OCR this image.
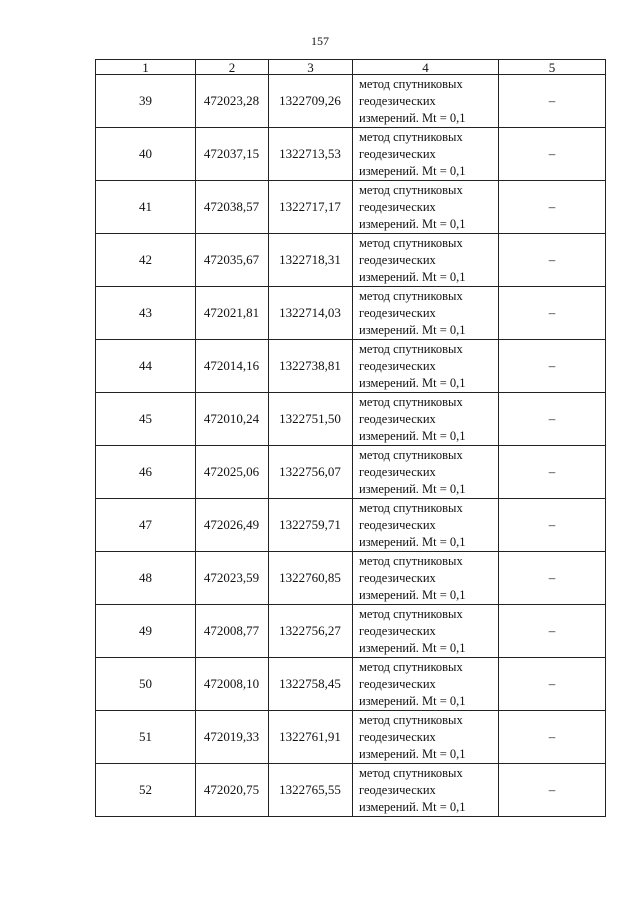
157
1	2	3	4	5
39	472023,28	1322709,26	метод спутниковых
геодезических
измерений. Mt = 0,1	–
40	472037,15	1322713,53	метод спутниковых
геодезических
измерений. Mt = 0,1	–
41	472038,57	1322717,17	метод спутниковых
геодезических
измерений. Mt = 0,1	–
42	472035,67	1322718,31	метод спутниковых
геодезических
измерений. Mt = 0,1	–
43	472021,81	1322714,03	метод спутниковых
геодезических
измерений. Mt = 0,1	–
44	472014,16	1322738,81	метод спутниковых
геодезических
измерений. Mt = 0,1	–
45	472010,24	1322751,50	метод спутниковых
геодезических
измерений. Mt = 0,1	–
46	472025,06	1322756,07	метод спутниковых
геодезических
измерений. Mt = 0,1	–
47	472026,49	1322759,71	метод спутниковых
геодезических
измерений. Mt = 0,1	–
48	472023,59	1322760,85	метод спутниковых
геодезических
измерений. Mt = 0,1	–
49	472008,77	1322756,27	метод спутниковых
геодезических
измерений. Mt = 0,1	–
50	472008,10	1322758,45	метод спутниковых
геодезических
измерений. Mt = 0,1	–
51	472019,33	1322761,91	метод спутниковых
геодезических
измерений. Mt = 0,1	–
52	472020,75	1322765,55	метод спутниковых
геодезических
измерений. Mt = 0,1	–
